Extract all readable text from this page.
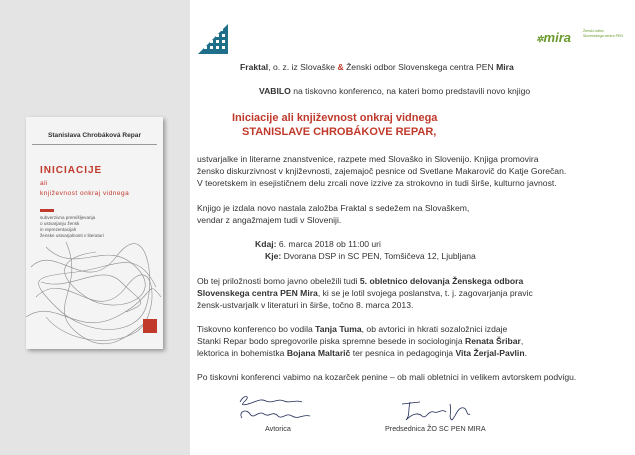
Stanislava Chrobáková Repar
INICIACIJE
ali
književnost onkraj vidnega
subverzivna premišljevanja
o ustvarjanju žensk
in reprezentacijah
ženske ustvarjalnosti v literaturi
✲mira	Ženski odbor Slovenskega centra PEN
Fraktal, o. z. iz Slovaške & Ženski odbor Slovenskega centra PEN Mira
VABILO na tiskovno konferenco, na kateri bomo predstavili novo knjigo
Iniciacije ali književnost onkraj vidnega
STANISLAVE CHROBÁKOVE REPAR,
ustvarjalke in literarne znanstvenice, razpete med Slovaško in Slovenijo. Knjiga promovira
žensko diskurzivnost v književnosti, zajemajoč pesnice od Svetlane Makarovič do Katje Gorečan.
V teoretskem in esejističnem delu zrcali nove izzive za strokovno in tudi širše, kulturno javnost.
Knjigo je izdala novo nastala založba Fraktal s sedežem na Slovaškem,
vendar z angažmajem tudi v Sloveniji.
Kdaj: 6. marca 2018 ob 11:00 uri
Kje: Dvorana DSP in SC PEN, Tomšičeva 12, Ljubljana
Ob tej priložnosti bomo javno obeležili tudi 5. obletnico delovanja Ženskega odbora
Slovenskega centra PEN Mira, ki se je lotil svojega poslanstva, t. j. zagovarjanja pravic
žensk-ustvarjalk v literaturi in širše, točno 8. marca 2013.
Tiskovno konferenco bo vodila Tanja Tuma, ob avtorici in hkrati sozaložnici izdaje
Stanki Repar bodo spregovorile piska spremne besede in sociologinja Renata Šribar,
lektorica in bohemistka Bojana Maltarič ter pesnica in pedagoginja Vita Žerjal-Pavlin.
Po tiskovni konferenci vabimo na kozarček penine – ob mali obletnici in velikem avtorskem podvigu.
Avtorica	Predsednica ŽO SC PEN MIRA
